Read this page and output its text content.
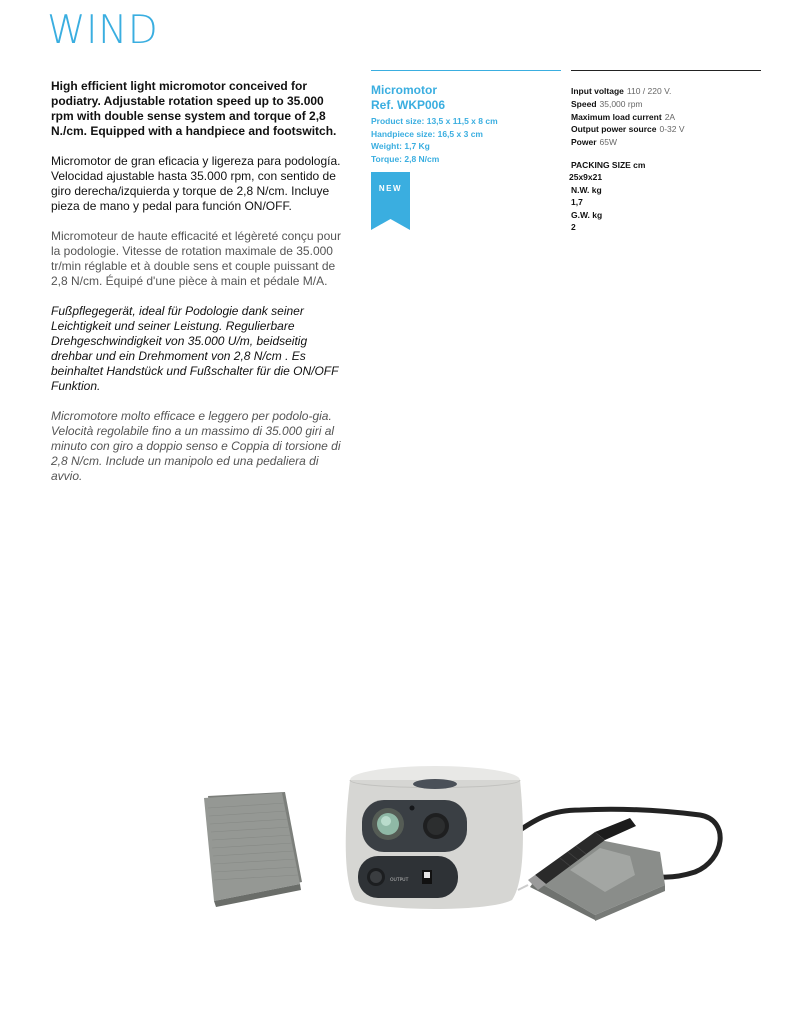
WIND

High efficient light micromotor conceived for podiatry. Adjustable rotation speed up to 35.000 rpm with double sense system and torque of 2,8 N./cm. Equipped with a handpiece and footswitch.

Micromotor de gran eficacia y ligereza para podología. Velocidad ajustable hasta 35.000 rpm, con sentido de giro derecha/izquierda y torque de 2,8 N/cm. Incluye pieza de mano y pedal para función ON/OFF.

Micromoteur de haute efficacité et légèreté conçu pour la podologie. Vitesse de rotation maximale de 35.000 tr/min réglable et à double sens et couple puissant de 2,8 N/cm. Équipé d'une pièce à main et pédale M/A.

Fußpflegegerät, ideal für Podologie dank seiner Leichtigkeit und seiner Leistung. Regulierbare Drehgeschwindigkeit von 35.000 U/m, beidseitig drehbar und ein Drehmoment von 2,8 N/cm . Es beinhaltet Handstück und Fußschalter für die ON/OFF Funktion.

Micromotore molto efficace e leggero per podolo-gia. Velocità regolabile fino a un massimo di 35.000 giri al minuto con giro a doppio senso e Coppia di torsione di 2,8 N/cm. Include un manipolo ed una pedaliera di avvio.

Micromotor
Ref. WKP006
Product size: 13,5 x 11,5 x 8 cm
Handpiece size: 16,5 x 3 cm
Weight: 1,7 Kg
Torque: 2,8 N/cm
NEW
Input voltage 110 / 220 V.
Speed 35,000 rpm
Maximum load current 2A
Output power source 0-32 V
Power 65W
PACKING SIZE cm
25x9x21
N.W. kg
1,7
G.W. kg
2
OUTPUT
